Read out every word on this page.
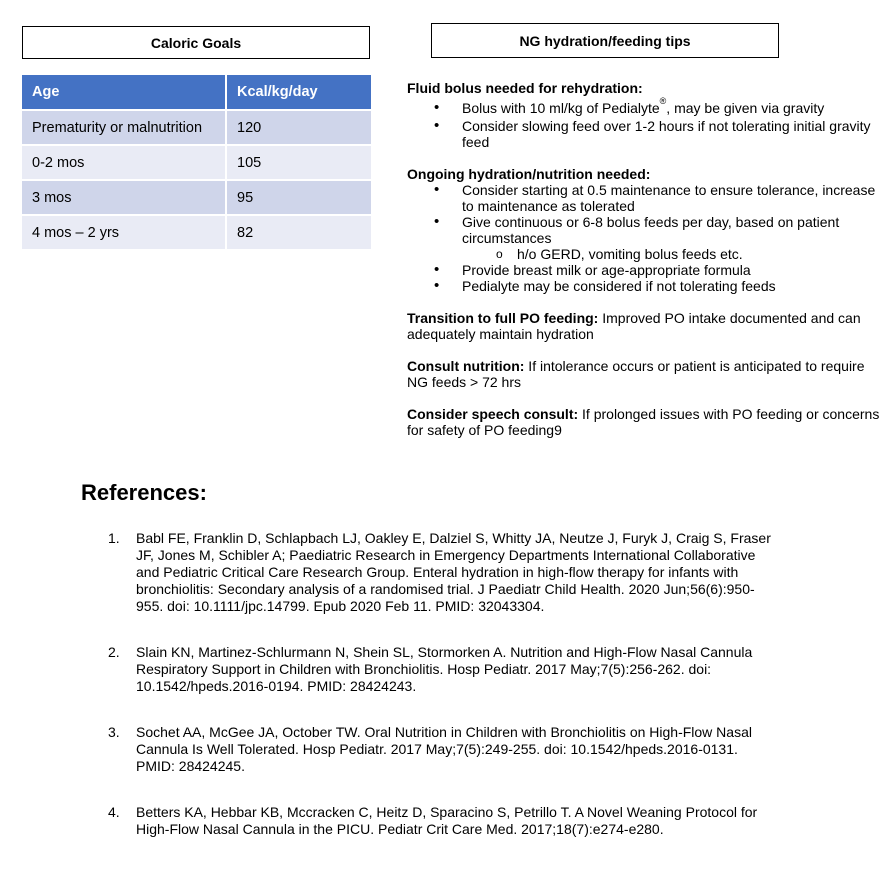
Caloric Goals
Age	Kcal/kg/day
Prematurity or malnutrition	120
0-2 mos	105
3 mos	95
4 mos – 2 yrs	82
NG hydration/feeding tips
Fluid bolus needed for rehydration:
• Bolus with 10 ml/kg of Pedialyte®, may be given via gravity
• Consider slowing feed over 1-2 hours if not tolerating initial gravity feed
Ongoing hydration/nutrition needed:
• Consider starting at 0.5 maintenance to ensure tolerance, increase to maintenance as tolerated
• Give continuous or 6-8 bolus feeds per day, based on patient circumstances
o h/o GERD, vomiting bolus feeds etc.
• Provide breast milk or age-appropriate formula
• Pedialyte may be considered if not tolerating feeds
Transition to full PO feeding: Improved PO intake documented and can adequately maintain hydration
Consult nutrition: If intolerance occurs or patient is anticipated to require NG feeds > 72 hrs
Consider speech consult: If prolonged issues with PO feeding or concerns for safety of PO feeding9
References:
1. Babl FE, Franklin D, Schlapbach LJ, Oakley E, Dalziel S, Whitty JA, Neutze J, Furyk J, Craig S, Fraser JF, Jones M, Schibler A; Paediatric Research in Emergency Departments International Collaborative and Pediatric Critical Care Research Group. Enteral hydration in high-flow therapy for infants with bronchiolitis: Secondary analysis of a randomised trial. J Paediatr Child Health. 2020 Jun;56(6):950-955. doi: 10.1111/jpc.14799. Epub 2020 Feb 11. PMID: 32043304.
2. Slain KN, Martinez-Schlurmann N, Shein SL, Stormorken A. Nutrition and High-Flow Nasal Cannula Respiratory Support in Children with Bronchiolitis. Hosp Pediatr. 2017 May;7(5):256-262. doi: 10.1542/hpeds.2016-0194. PMID: 28424243.
3. Sochet AA, McGee JA, October TW. Oral Nutrition in Children with Bronchiolitis on High-Flow Nasal Cannula Is Well Tolerated. Hosp Pediatr. 2017 May;7(5):249-255. doi: 10.1542/hpeds.2016-0131. PMID: 28424245.
4. Betters KA, Hebbar KB, Mccracken C, Heitz D, Sparacino S, Petrillo T. A Novel Weaning Protocol for High-Flow Nasal Cannula in the PICU. Pediatr Crit Care Med. 2017;18(7):e274-e280.
